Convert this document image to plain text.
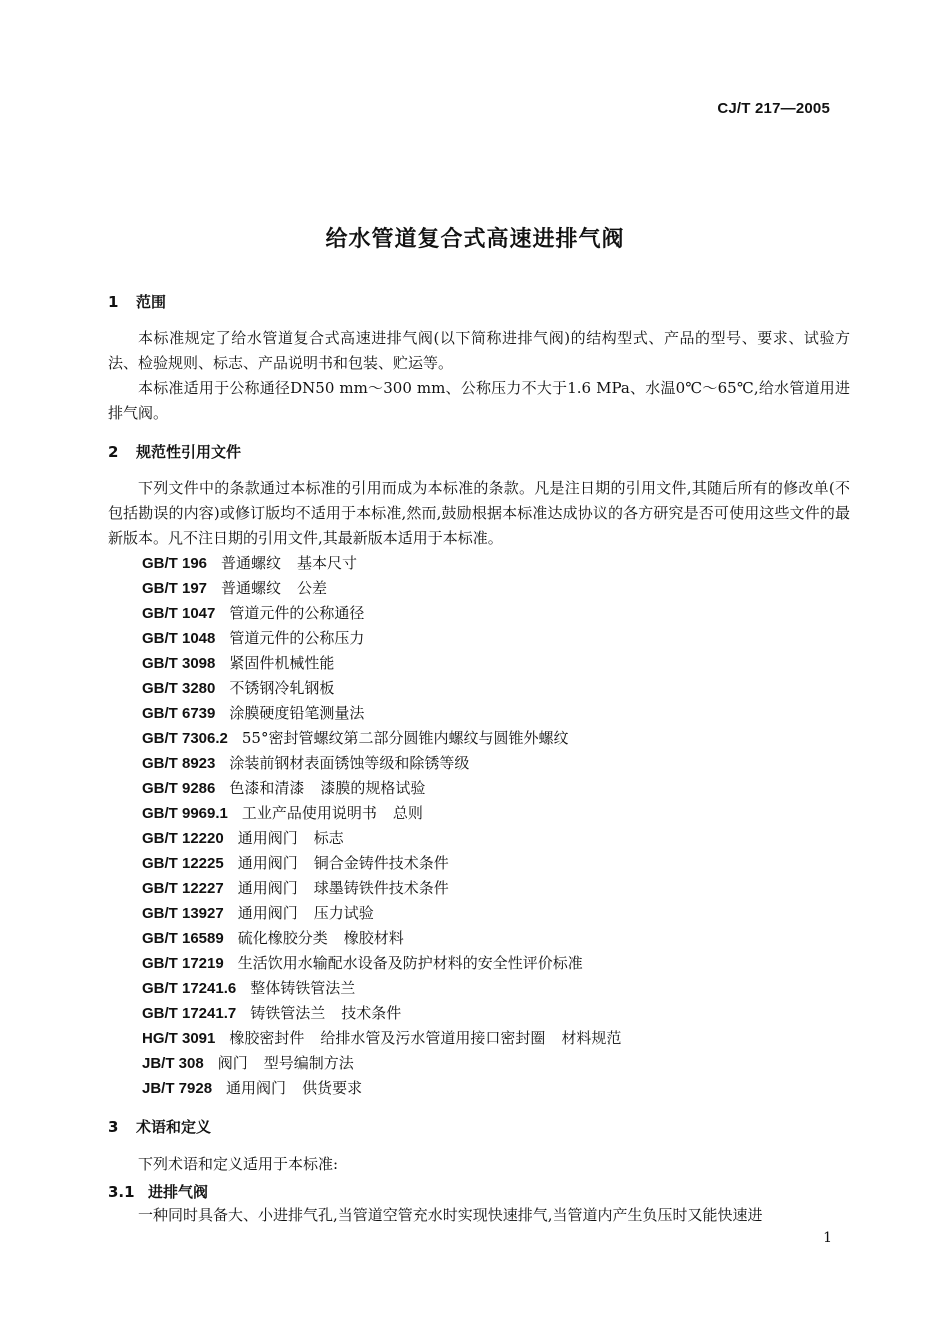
CJ/T 217—2005
给水管道复合式高速进排气阀
1 范围
本标准规定了给水管道复合式高速进排气阀(以下简称进排气阀)的结构型式、产品的型号、要求、试验方法、检验规则、标志、产品说明书和包装、贮运等。
本标准适用于公称通径DN50 mm～300 mm、公称压力不大于1.6 MPa、水温0℃～65℃,给水管道用进排气阀。
2 规范性引用文件
下列文件中的条款通过本标准的引用而成为本标准的条款。凡是注日期的引用文件,其随后所有的修改单(不包括勘误的内容)或修订版均不适用于本标准,然而,鼓励根据本标准达成协议的各方研究是否可使用这些文件的最新版本。凡不注日期的引用文件,其最新版本适用于本标准。
GB/T 196 普通螺纹 基本尺寸
GB/T 197 普通螺纹 公差
GB/T 1047 管道元件的公称通径
GB/T 1048 管道元件的公称压力
GB/T 3098 紧固件机械性能
GB/T 3280 不锈钢冷轧钢板
GB/T 6739 涂膜硬度铅笔测量法
GB/T 7306.2 55°密封管螺纹第二部分圆锥内螺纹与圆锥外螺纹
GB/T 8923 涂装前钢材表面锈蚀等级和除锈等级
GB/T 9286 色漆和清漆 漆膜的规格试验
GB/T 9969.1 工业产品使用说明书 总则
GB/T 12220 通用阀门 标志
GB/T 12225 通用阀门 铜合金铸件技术条件
GB/T 12227 通用阀门 球墨铸铁件技术条件
GB/T 13927 通用阀门 压力试验
GB/T 16589 硫化橡胶分类 橡胶材料
GB/T 17219 生活饮用水输配水设备及防护材料的安全性评价标准
GB/T 17241.6 整体铸铁管法兰
GB/T 17241.7 铸铁管法兰 技术条件
HG/T 3091 橡胶密封件 给排水管及污水管道用接口密封圈 材料规范
JB/T 308 阀门 型号编制方法
JB/T 7928 通用阀门 供货要求
3 术语和定义
下列术语和定义适用于本标准:
3.1 进排气阀
一种同时具备大、小进排气孔,当管道空管充水时实现快速排气,当管道内产生负压时又能快速进
1
